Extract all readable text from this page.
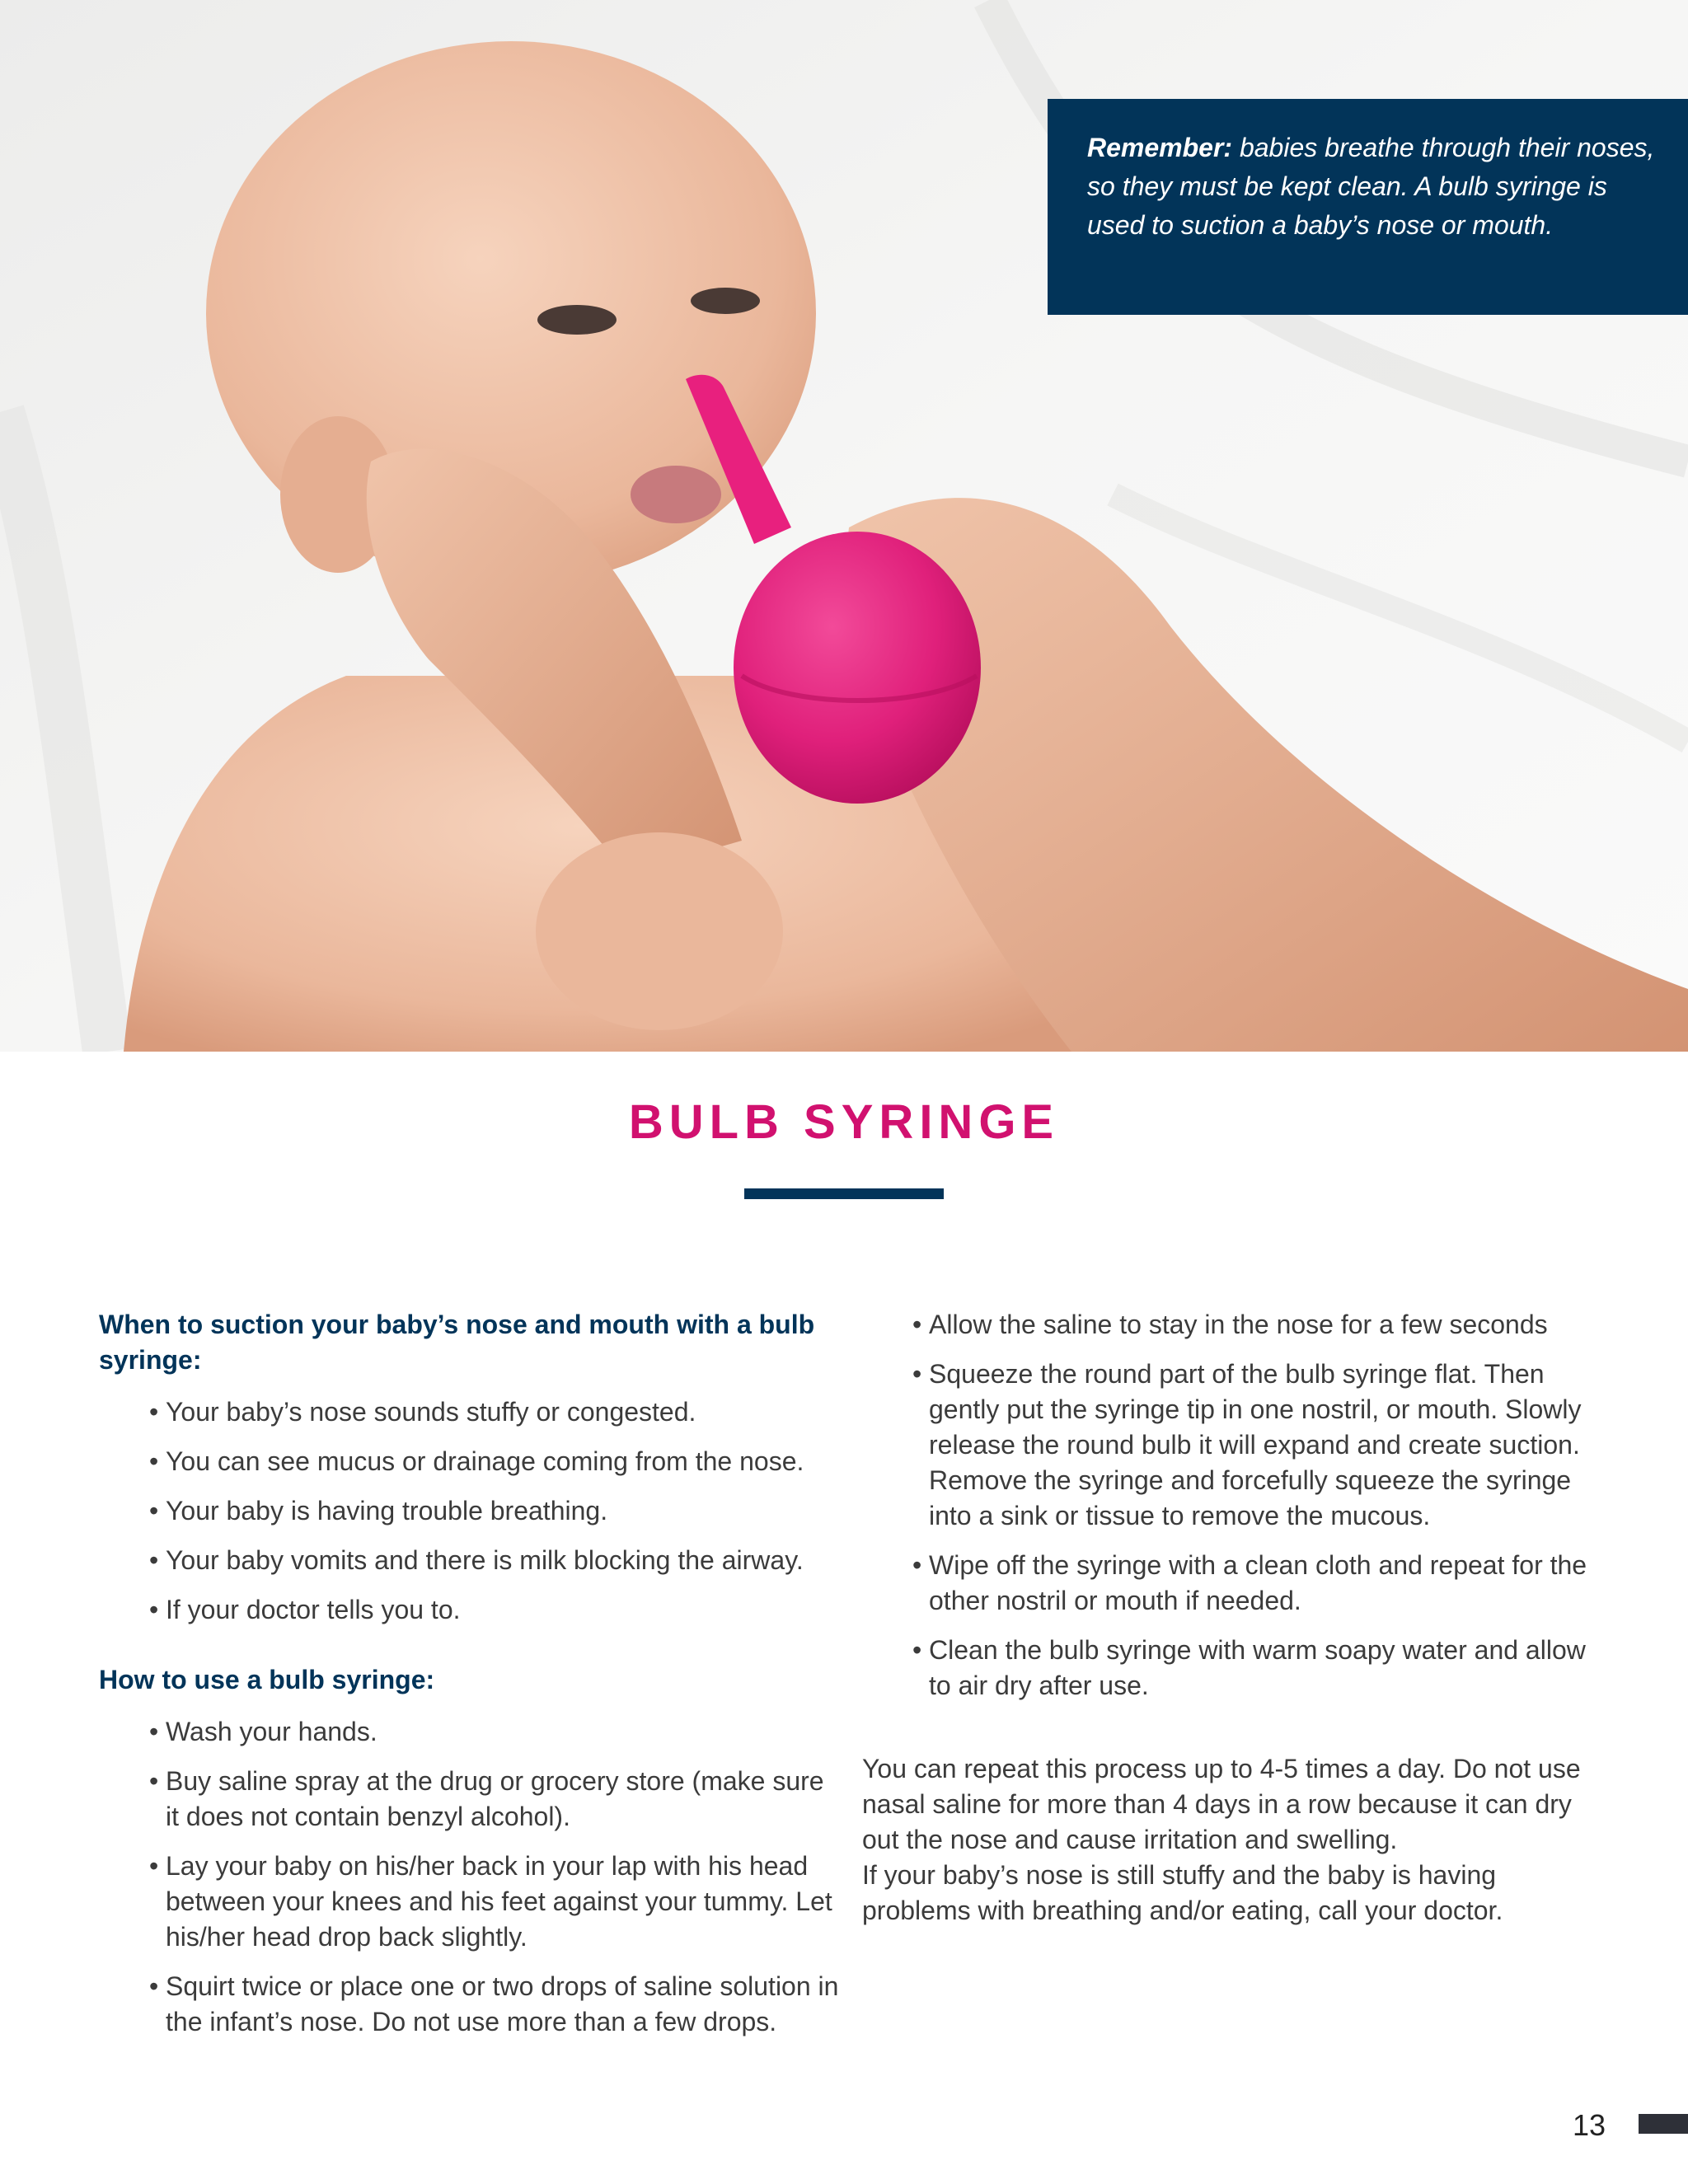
Remember: babies breathe through their noses, so they must be kept clean. A bulb syringe is used to suction a baby’s nose or mouth.
BULB SYRINGE

When to suction your baby’s nose and mouth with a bulb syringe:

• Your baby’s nose sounds stuffy or congested.
• You can see mucus or drainage coming from the nose.
• Your baby is having trouble breathing.
• Your baby vomits and there is milk blocking the airway.
• If your doctor tells you to.

How to use a bulb syringe:

• Wash your hands.
• Buy saline spray at the drug or grocery store (make sure it does not contain benzyl alcohol).
• Lay your baby on his/her back in your lap with his head between your knees and his feet against your tummy. Let his/her head drop back slightly.
• Squirt twice or place one or two drops of saline solution in the infant’s nose. Do not use more than a few drops.
• Allow the saline to stay in the nose for a few seconds
• Squeeze the round part of the bulb syringe flat. Then gently put the syringe tip in one nostril, or mouth. Slowly release the round bulb it will expand and create suction. Remove the syringe and forcefully squeeze the syringe into a sink or tissue to remove the mucous.
• Wipe off the syringe with a clean cloth and repeat for the other nostril or mouth if needed.
• Clean the bulb syringe with warm soapy water and allow to air dry after use.

You can repeat this process up to 4-5 times a day. Do not use nasal saline for more than 4 days in a row because it can dry out the nose and cause irritation and swelling.
If your baby’s nose is still stuffy and the baby is having problems with breathing and/or eating, call your doctor.

13
